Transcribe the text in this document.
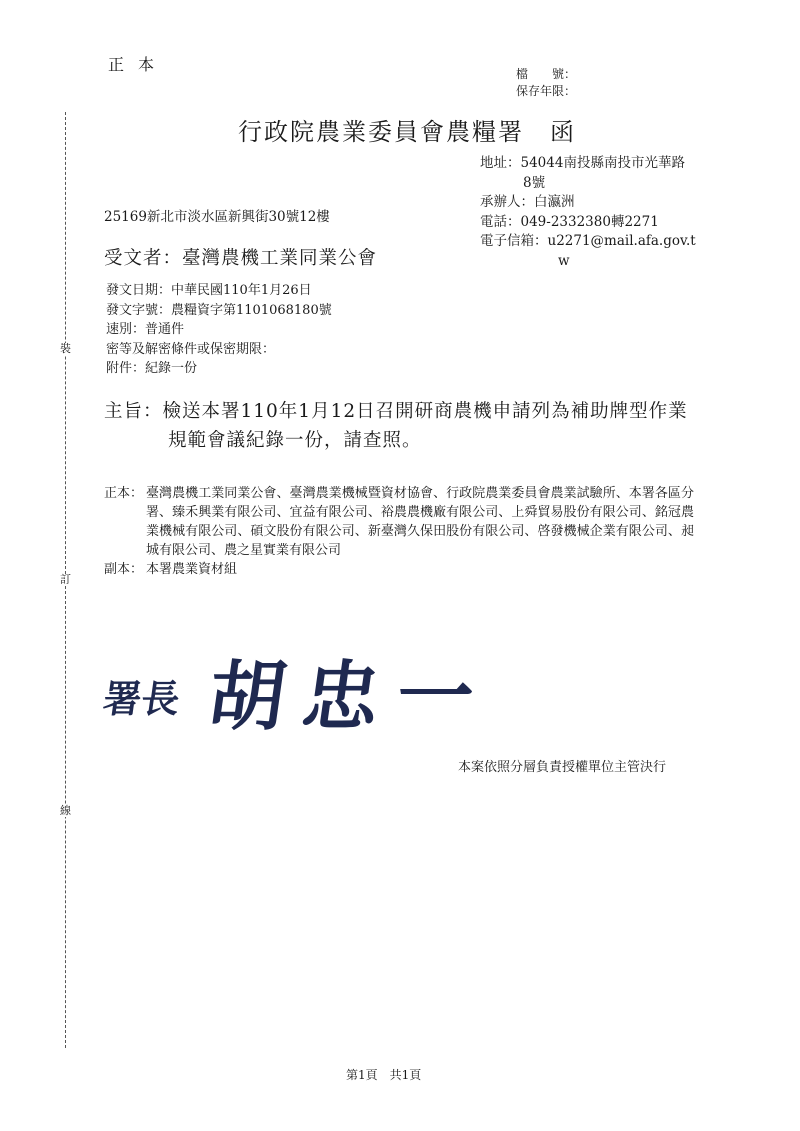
裝
訂
線
正本	檔　　號：
保存年限：
行政院農業委員會農糧署　函
地址：54044南投縣南投市光華路
8號
承辦人：白瀛洲
電話：049-2332380轉2271
電子信箱：u2271@mail.afa.gov.t
w
25169新北市淡水區新興街30號12樓
受文者：臺灣農機工業同業公會
發文日期：中華民國110年1月26日
發文字號：農糧資字第1101068180號
速別：普通件
密等及解密條件或保密期限：
附件：紀錄一份
主旨：檢送本署110年1月12日召開研商農機申請列為補助牌型作業
規範會議紀錄一份，請查照。
正本： 臺灣農機工業同業公會、臺灣農業機械暨資材協會、行政院農業委員會農業試驗所、本署各區分署、臻禾興業有限公司、宜益有限公司、裕農農機廠有限公司、上舜貿易股份有限公司、銘冠農業機械有限公司、碩文股份有限公司、新臺灣久保田股份有限公司、啓發機械企業有限公司、昶城有限公司、農之星實業有限公司
副本： 本署農業資材組
署長 胡忠一
本案依照分層負責授權單位主管決行
第1頁　共1頁
